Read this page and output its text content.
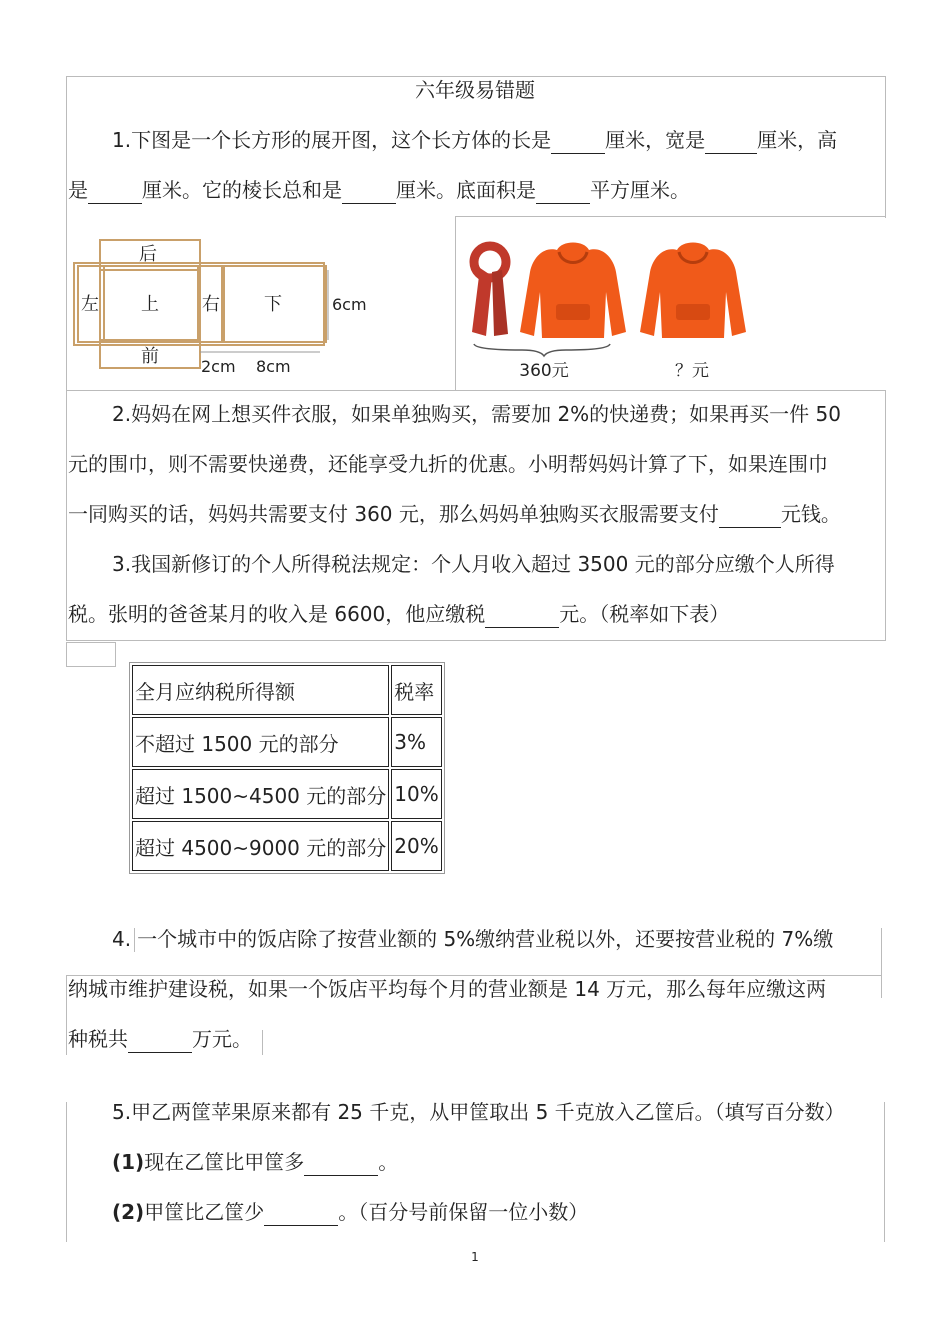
六年级易错题
1.下图是一个长方形的展开图，这个长方体的长是	厘米，宽是	厘米，高
是	厘米。它的棱长总和是	厘米。底面积是	平方厘米。
后
左 上 右 下
前
6cm
2cm 8cm	360元	？元
2.妈妈在网上想买件衣服，如果单独购买，需要加 2%的快递费；如果再买一件 50
元的围巾，则不需要快递费，还能享受九折的优惠。小明帮妈妈计算了下，如果连围巾
一同购买的话，妈妈共需要支付 360 元，那么妈妈单独购买衣服需要支付	元钱。
3.我国新修订的个人所得税法规定：个人月收入超过 3500 元的部分应缴个人所得
税。张明的爸爸某月的收入是 6600，他应缴税	元。（税率如下表）
全月应纳税所得额	税率
不超过 1500 元的部分	3%
超过 1500~4500 元的部分	10%
超过 4500~9000 元的部分	20%
4. 一个城市中的饭店除了按营业额的 5%缴纳营业税以外，还要按营业税的 7%缴
纳城市维护建设税，如果一个饭店平均每个月的营业额是 14 万元，那么每年应缴这两
种税共	万元。
5.甲乙两筐苹果原来都有 25 千克，从甲筐取出 5 千克放入乙筐后。（填写百分数）
(1)现在乙筐比甲筐多	。
(2)甲筐比乙筐少	。（百分号前保留一位小数）
1
